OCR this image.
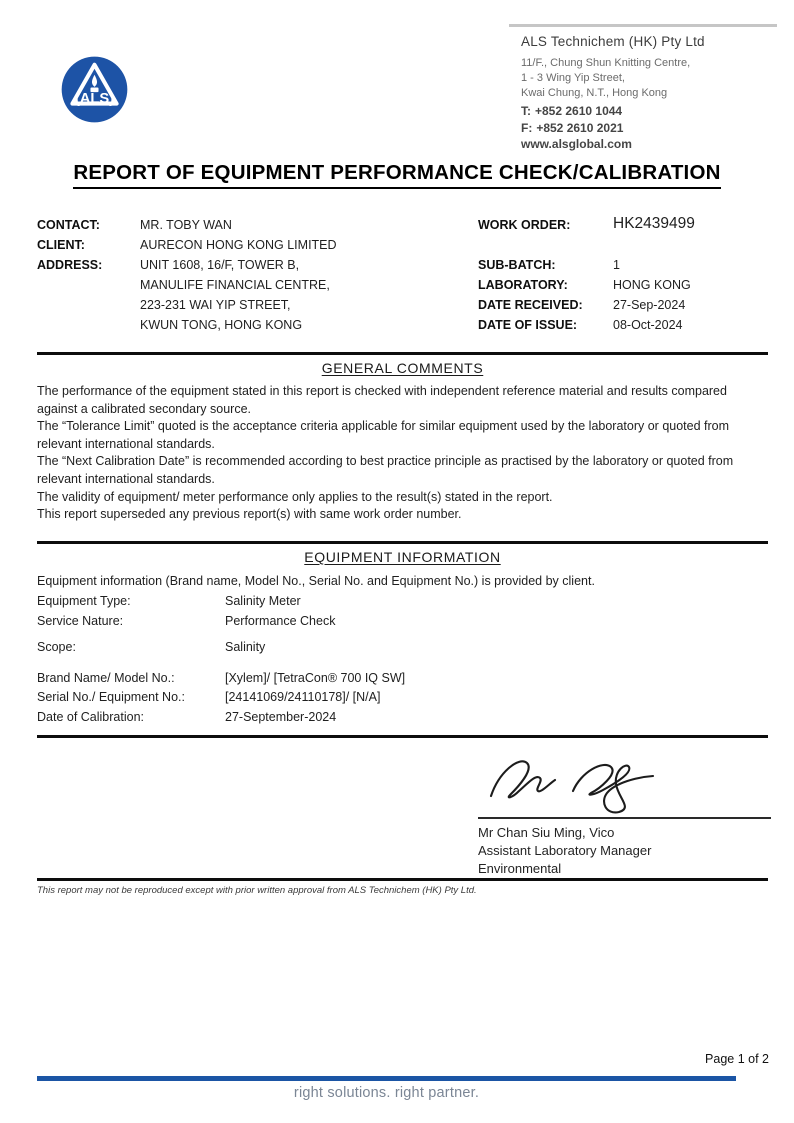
(ALS)
ALS Technichem (HK) Pty Ltd
11/F., Chung Shun Knitting Centre,
1 - 3 Wing Yip Street,
Kwai Chung, N.T., Hong Kong
T: +852 2610 1044
F: +852 2610 2021
www.alsglobal.com
REPORT OF EQUIPMENT PERFORMANCE CHECK/CALIBRATION
CONTACT:	MR. TOBY WAN
CLIENT:	AURECON HONG KONG LIMITED
ADDRESS:	UNIT 1608, 16/F, TOWER B,
MANULIFE FINANCIAL CENTRE,
223-231 WAI YIP STREET,
KWUN TONG, HONG KONG
WORK ORDER:	HK2439499
SUB-BATCH:	1
LABORATORY:	HONG KONG
DATE RECEIVED:	27-Sep-2024
DATE OF ISSUE:	08-Oct-2024
GENERAL COMMENTS
The performance of the equipment stated in this report is checked with independent reference material and results compared against a calibrated secondary source.
The “Tolerance Limit” quoted is the acceptance criteria applicable for similar equipment used by the laboratory or quoted from relevant international standards.
The “Next Calibration Date” is recommended according to best practice principle as practised by the laboratory or quoted from relevant international standards.
The validity of equipment/ meter performance only applies to the result(s) stated in the report.
This report superseded any previous report(s) with same work order number.
EQUIPMENT INFORMATION
Equipment information (Brand name, Model No., Serial No. and Equipment No.) is provided by client.
Equipment Type:	Salinity Meter
Service Nature:	Performance Check
Scope:	Salinity
Brand Name/ Model No.:	[Xylem]/ [TetraCon® 700 IQ SW]
Serial No./ Equipment No.:	[24141069/24110178]/ [N/A]
Date of Calibration:	27-September-2024
Mr Chan Siu Ming, Vico
Assistant Laboratory Manager
Environmental
This report may not be reproduced except with prior written approval from ALS Technichem (HK) Pty Ltd.
Page 1 of 2
right solutions. right partner.
